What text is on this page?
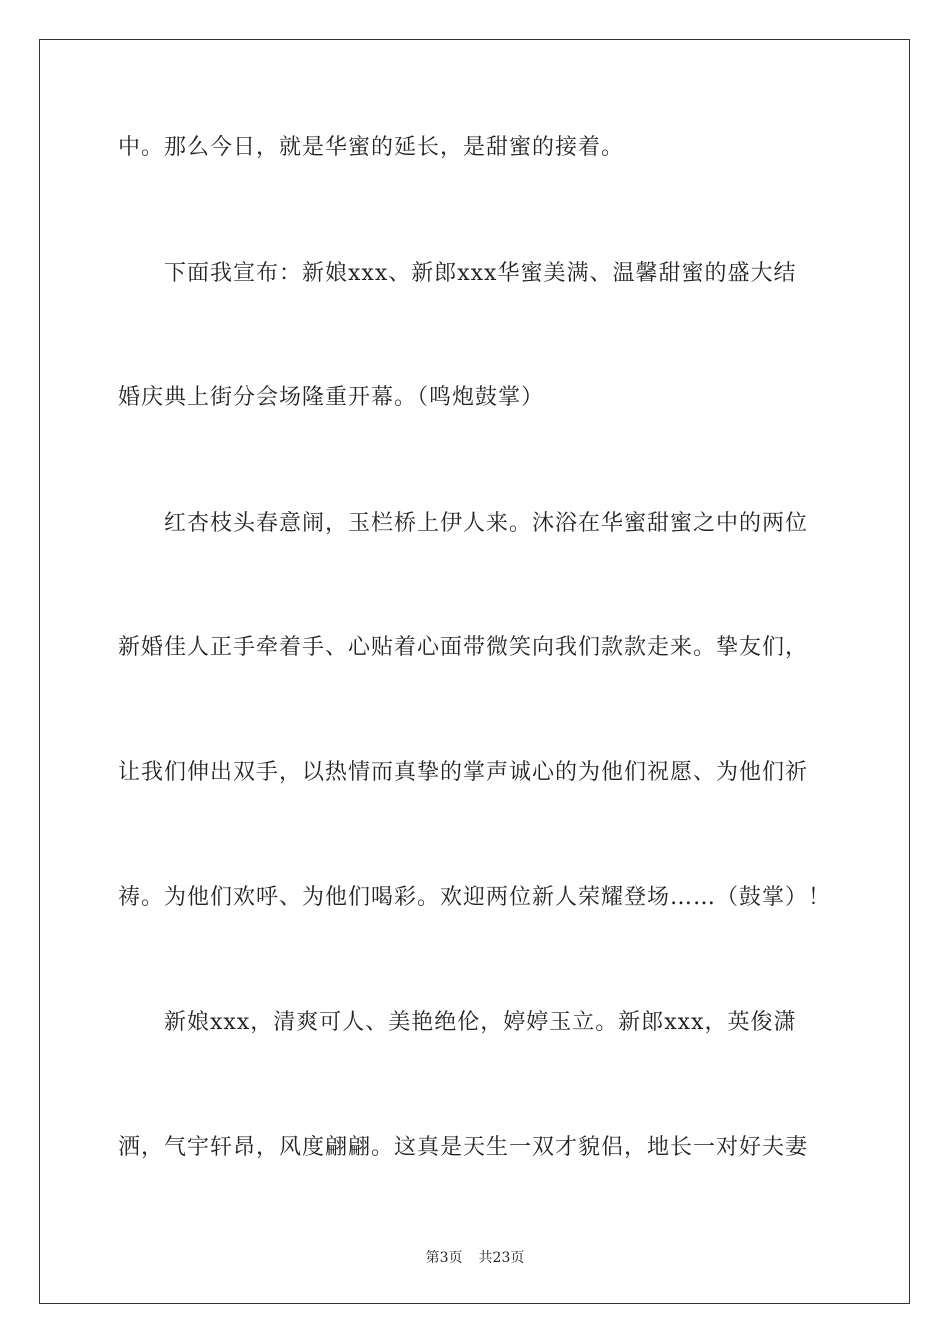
中。那么今日，就是华蜜的延长，是甜蜜的接着。
下面我宣布：新娘xxx、新郎xxx华蜜美满、温馨甜蜜的盛大结
婚庆典上街分会场隆重开幕。（鸣炮鼓掌）
红杏枝头春意闹，玉栏桥上伊人来。沐浴在华蜜甜蜜之中的两位
新婚佳人正手牵着手、心贴着心面带微笑向我们款款走来。挚友们，
让我们伸出双手，以热情而真挚的掌声诚心的为他们祝愿、为他们祈
祷。为他们欢呼、为他们喝彩。欢迎两位新人荣耀登场……（鼓掌）！
新娘xxx，清爽可人、美艳绝伦，婷婷玉立。新郎xxx，英俊潇
洒，气宇轩昂，风度翩翩。这真是天生一双才貌侣，地长一对好夫妻
第3页 共23页
